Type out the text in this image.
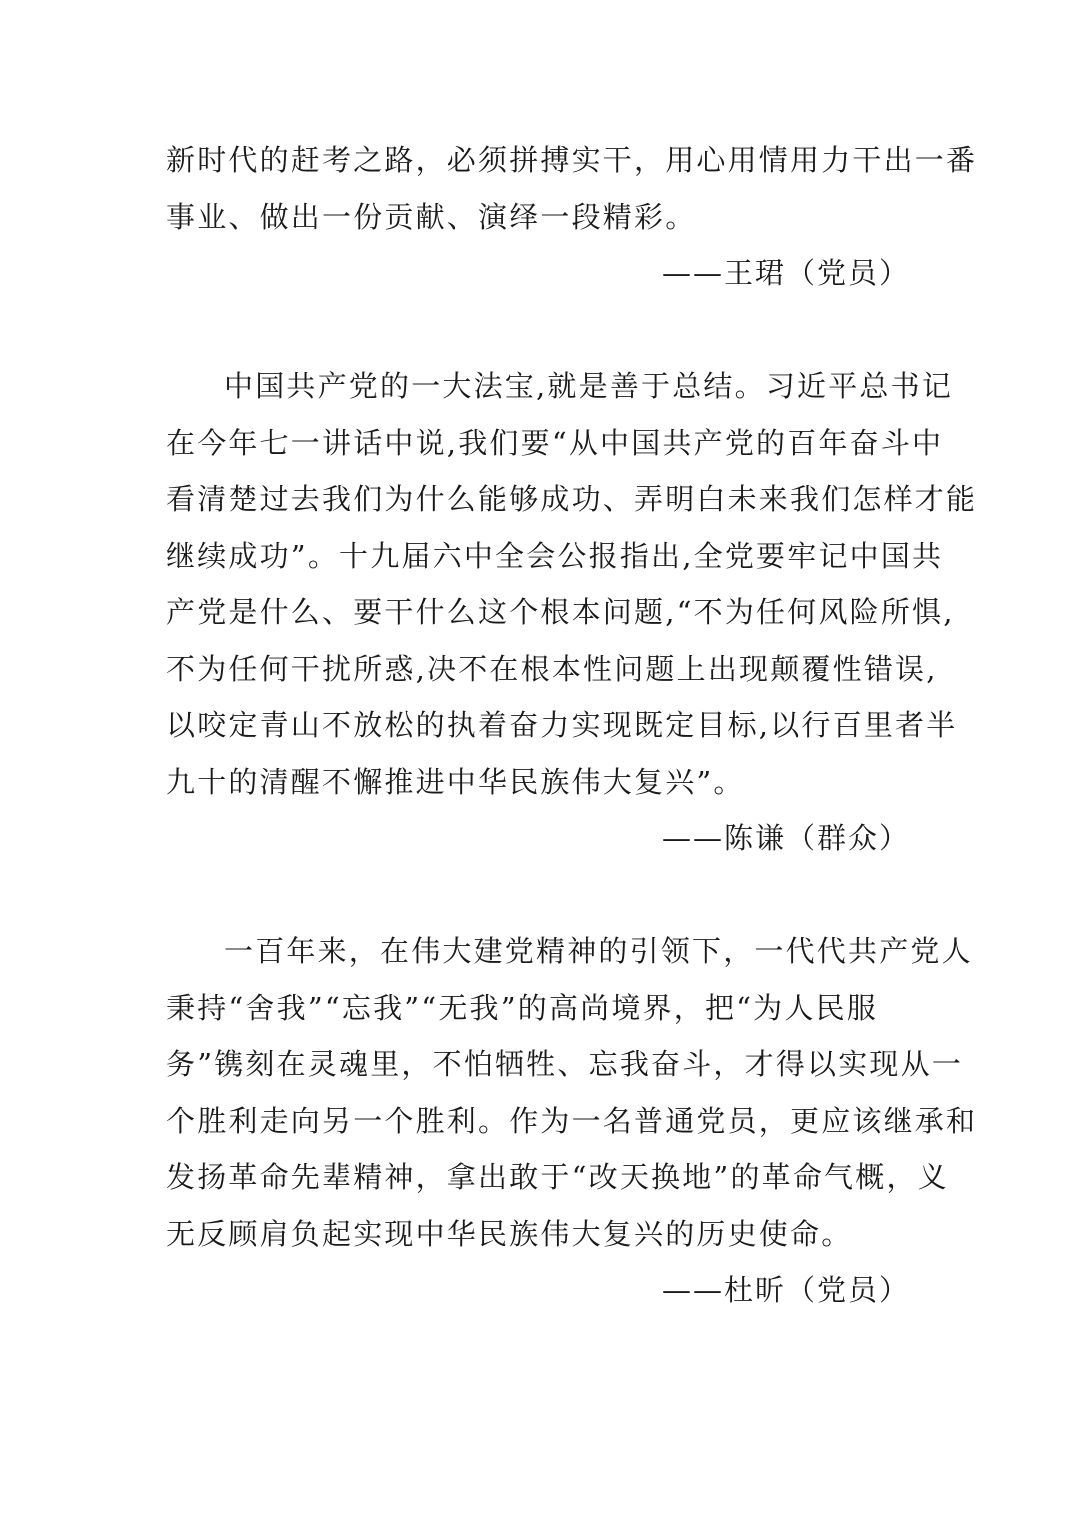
新时代的赶考之路，必须拼搏实干，用心用情用力干出一番
事业、做出一份贡献、演绎一段精彩。
——王珺（党员）
中国共产党的一大法宝,就是善于总结。习近平总书记
在今年七一讲话中说,我们要“从中国共产党的百年奋斗中
看清楚过去我们为什么能够成功、弄明白未来我们怎样才能
继续成功”。十九届六中全会公报指出,全党要牢记中国共
产党是什么、要干什么这个根本问题,“不为任何风险所惧,
不为任何干扰所惑,决不在根本性问题上出现颠覆性错误,
以咬定青山不放松的执着奋力实现既定目标,以行百里者半
九十的清醒不懈推进中华民族伟大复兴”。
——陈谦（群众）
一百年来，在伟大建党精神的引领下，一代代共产党人
秉持“舍我”“忘我”“无我”的高尚境界，把“为人民服
务”镌刻在灵魂里，不怕牺牲、忘我奋斗，才得以实现从一
个胜利走向另一个胜利。作为一名普通党员，更应该继承和
发扬革命先辈精神，拿出敢于“改天换地”的革命气概，义
无反顾肩负起实现中华民族伟大复兴的历史使命。
——杜昕（党员）
